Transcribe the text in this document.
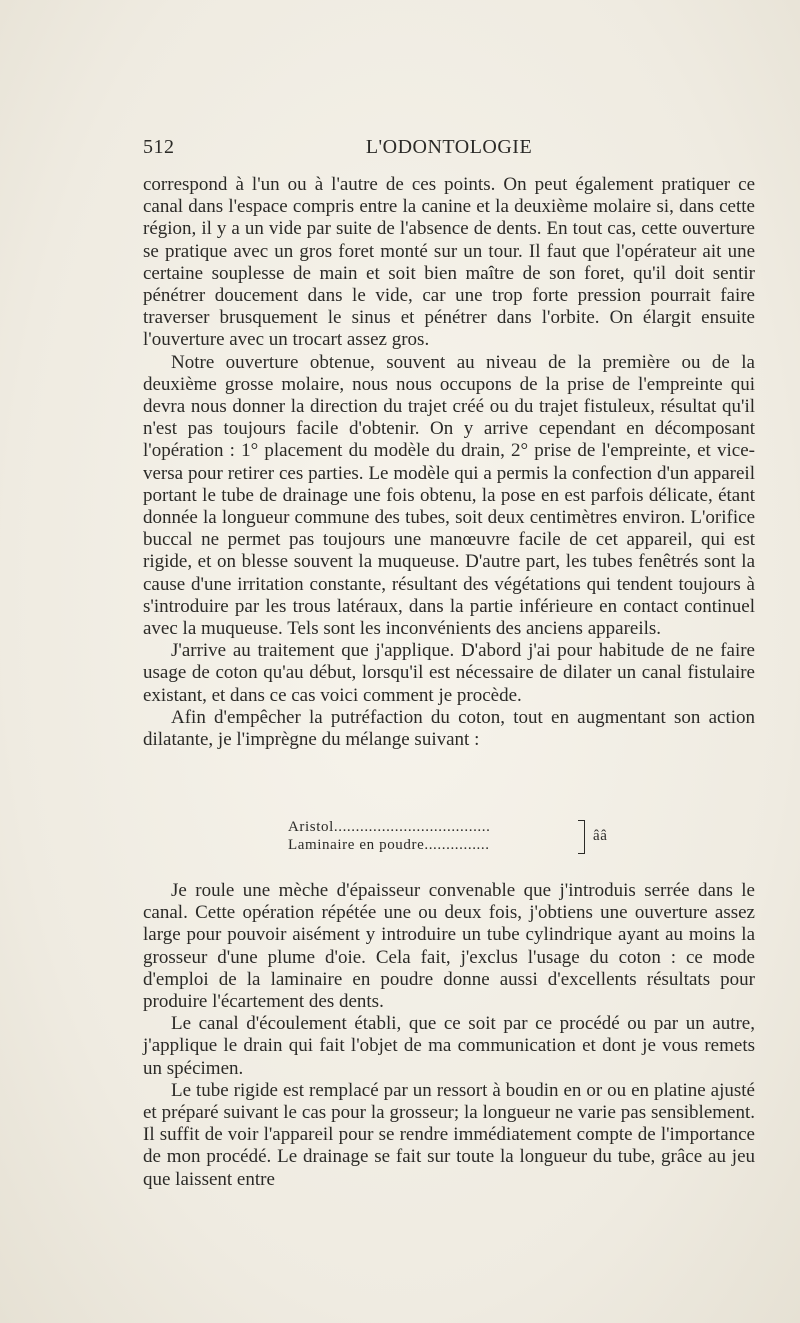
512	L'ODONTOLOGIE

correspond à l'un ou à l'autre de ces points. On peut également pratiquer ce canal dans l'espace compris entre la canine et la deuxième molaire si, dans cette région, il y a un vide par suite de l'absence de dents. En tout cas, cette ouverture se pratique avec un gros foret monté sur un tour. Il faut que l'opérateur ait une certaine souplesse de main et soit bien maître de son foret, qu'il doit sentir pénétrer doucement dans le vide, car une trop forte pression pourrait faire traverser brusquement le sinus et pénétrer dans l'orbite. On élargit ensuite l'ouverture avec un trocart assez gros.

Notre ouverture obtenue, souvent au niveau de la première ou de la deuxième grosse molaire, nous nous occupons de la prise de l'empreinte qui devra nous donner la direction du trajet créé ou du trajet fistuleux, résultat qu'il n'est pas toujours facile d'obtenir. On y arrive cependant en décomposant l'opération : 1° placement du modèle du drain, 2° prise de l'empreinte, et vice-versa pour retirer ces parties. Le modèle qui a permis la confection d'un appareil portant le tube de drainage une fois obtenu, la pose en est parfois délicate, étant donnée la longueur commune des tubes, soit deux centimètres environ. L'orifice buccal ne permet pas toujours une manœuvre facile de cet appareil, qui est rigide, et on blesse souvent la muqueuse. D'autre part, les tubes fenêtrés sont la cause d'une irritation constante, résultant des végétations qui tendent toujours à s'introduire par les trous latéraux, dans la partie inférieure en contact continuel avec la muqueuse. Tels sont les inconvénients des anciens appareils.

J'arrive au traitement que j'applique. D'abord j'ai pour habitude de ne faire usage de coton qu'au début, lorsqu'il est nécessaire de dilater un canal fistulaire existant, et dans ce cas voici comment je procède.

Afin d'empêcher la putréfaction du coton, tout en augmentant son action dilatante, je l'imprègne du mélange suivant :

Aristol....................................
Laminaire en poudre...............
ââ

Je roule une mèche d'épaisseur convenable que j'introduis serrée dans le canal. Cette opération répétée une ou deux fois, j'obtiens une ouverture assez large pour pouvoir aisément y introduire un tube cylindrique ayant au moins la grosseur d'une plume d'oie. Cela fait, j'exclus l'usage du coton : ce mode d'emploi de la laminaire en poudre donne aussi d'excellents résultats pour produire l'écartement des dents.

Le canal d'écoulement établi, que ce soit par ce procédé ou par un autre, j'applique le drain qui fait l'objet de ma communication et dont je vous remets un spécimen.

Le tube rigide est remplacé par un ressort à boudin en or ou en platine ajusté et préparé suivant le cas pour la grosseur; la longueur ne varie pas sensiblement. Il suffit de voir l'appareil pour se rendre immédiatement compte de l'importance de mon procédé. Le drainage se fait sur toute la longueur du tube, grâce au jeu que laissent entre
